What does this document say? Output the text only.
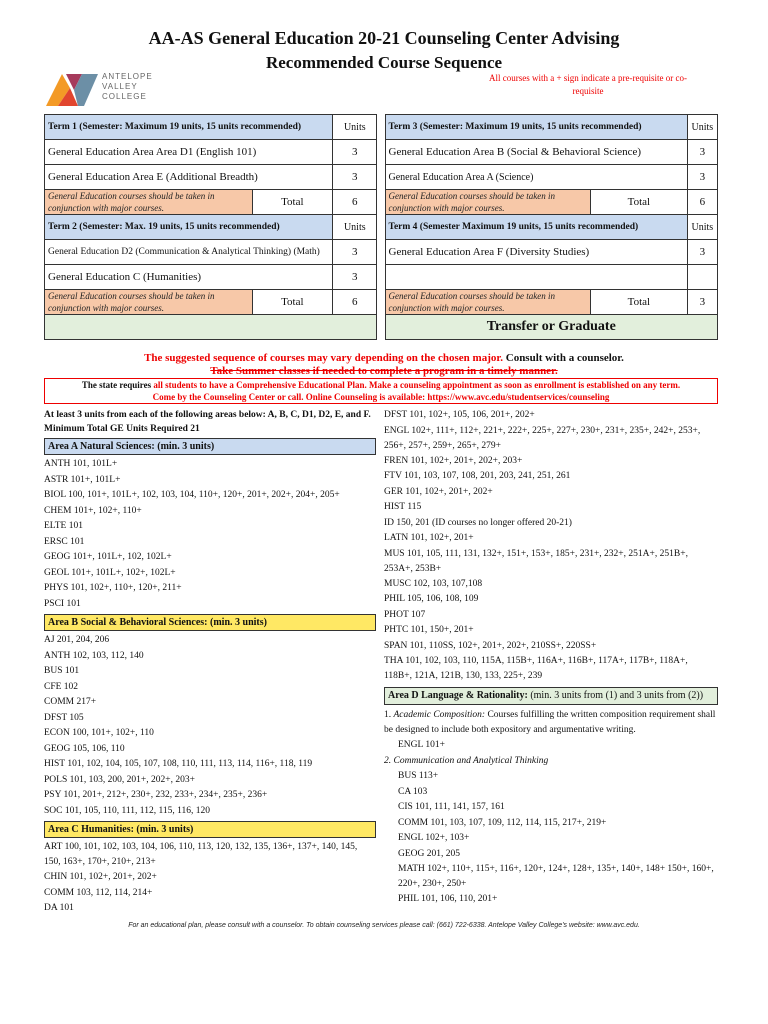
AA-AS General Education 20-21 Counseling Center Advising
Recommended Course Sequence
All courses with a + sign indicate a pre-requisite or co-requisite
ANTELOPE
VALLEY
COLLEGE
Term 1 (Semester: Maximum 19 units, 15 units recommended)		Units		Term 3 (Semester: Maximum 19 units, 15 units recommended)		Units
General Education Area Area D1 (English 101)		3		General Education Area B (Social & Behavioral Science)		3
General Education Area E (Additional Breadth)		3		General Education Area A (Science)		3
General Education courses should be taken in conjunction with major courses.	Total	6		General Education courses should be taken in conjunction with major courses.	Total	6
Term 2 (Semester: Max. 19 units, 15 units recommended)		Units		Term 4 (Semester Maximum 19 units, 15 units recommended)		Units
General Education D2 (Communication & Analytical Thinking) (Math)		3		General Education Area F (Diversity Studies)		3
General Education C (Humanities)		3				
General Education courses should be taken in conjunction with major courses.	Total	6		General Education courses should be taken in conjunction with major courses.	Total	3
				Transfer or Graduate		
The suggested sequence of courses may vary depending on the chosen major. Consult with a counselor.
Take Summer classes if needed to complete a program in a timely manner.
The state requires all students to have a Comprehensive Educational Plan. Make a counseling appointment as soon as enrollment is established on any term.
Come by the Counseling Center or call. Online Counseling is available: https://www.avc.edu/studentservices/counseling
At least 3 units from each of the following areas below: A, B, C, D1, D2, E, and F. Minimum Total GE Units Required 21
Area A Natural Sciences: (min. 3 units)
ANTH 101, 101L+
ASTR 101+, 101L+
BIOL 100, 101+, 101L+, 102, 103, 104, 110+, 120+, 201+, 202+, 204+, 205+
CHEM 101+, 102+, 110+
ELTE 101
ERSC 101
GEOG 101+, 101L+, 102, 102L+
GEOL 101+, 101L+, 102+, 102L+
PHYS 101, 102+, 110+, 120+, 211+
PSCI 101
Area B Social & Behavioral Sciences: (min. 3 units)
AJ 201, 204, 206
ANTH 102, 103, 112, 140
BUS 101
CFE 102
COMM 217+
DFST 105
ECON 100, 101+, 102+, 110
GEOG 105, 106, 110
HIST 101, 102, 104, 105, 107, 108, 110, 111, 113, 114, 116+, 118, 119
POLS 101, 103, 200, 201+, 202+, 203+
PSY 101, 201+, 212+, 230+, 232, 233+, 234+, 235+, 236+
SOC 101, 105, 110, 111, 112, 115, 116, 120
Area C Humanities: (min. 3 units)
ART 100, 101, 102, 103, 104, 106, 110, 113, 120, 132, 135, 136+, 137+, 140, 145, 150, 163+, 170+, 210+, 213+
CHIN 101, 102+, 201+, 202+
COMM 103, 112, 114, 214+
DA 101
DFST 101, 102+, 105, 106, 201+, 202+
ENGL 102+, 111+, 112+, 221+, 222+, 225+, 227+, 230+, 231+, 235+, 242+, 253+, 256+, 257+, 259+, 265+, 279+
FREN 101, 102+, 201+, 202+, 203+
FTV 101, 103, 107, 108, 201, 203, 241, 251, 261
GER 101, 102+, 201+, 202+
HIST 115
ID 150, 201 (ID courses no longer offered 20-21)
LATN 101, 102+, 201+
MUS 101, 105, 111, 131, 132+, 151+, 153+, 185+, 231+, 232+, 251A+, 251B+, 253A+, 253B+
MUSC 102, 103, 107,108
PHIL 105, 106, 108, 109
PHOT 107
PHTC 101, 150+, 201+
SPAN 101, 110SS, 102+, 201+, 202+, 210SS+, 220SS+
THA 101, 102, 103, 110, 115A, 115B+, 116A+, 116B+, 117A+, 117B+, 118A+, 118B+, 121A, 121B, 130, 133, 225+, 239
Area D Language & Rationality: (min. 3 units from (1) and 3 units from (2))
1. Academic Composition: Courses fulfilling the written composition requirement shall be designed to include both expository and argumentative writing.
ENGL 101+
2. Communication and Analytical Thinking
BUS 113+
CA 103
CIS 101, 111, 141, 157, 161
COMM 101, 103, 107, 109, 112, 114, 115, 217+, 219+
ENGL 102+, 103+
GEOG 201, 205
MATH 102+, 110+, 115+, 116+, 120+, 124+, 128+, 135+, 140+, 148+ 150+, 160+, 220+, 230+, 250+
PHIL 101, 106, 110, 201+
For an educational plan, please consult with a counselor. To obtain counseling services please call: (661) 722-6338. Antelope Valley College's website: www.avc.edu.
